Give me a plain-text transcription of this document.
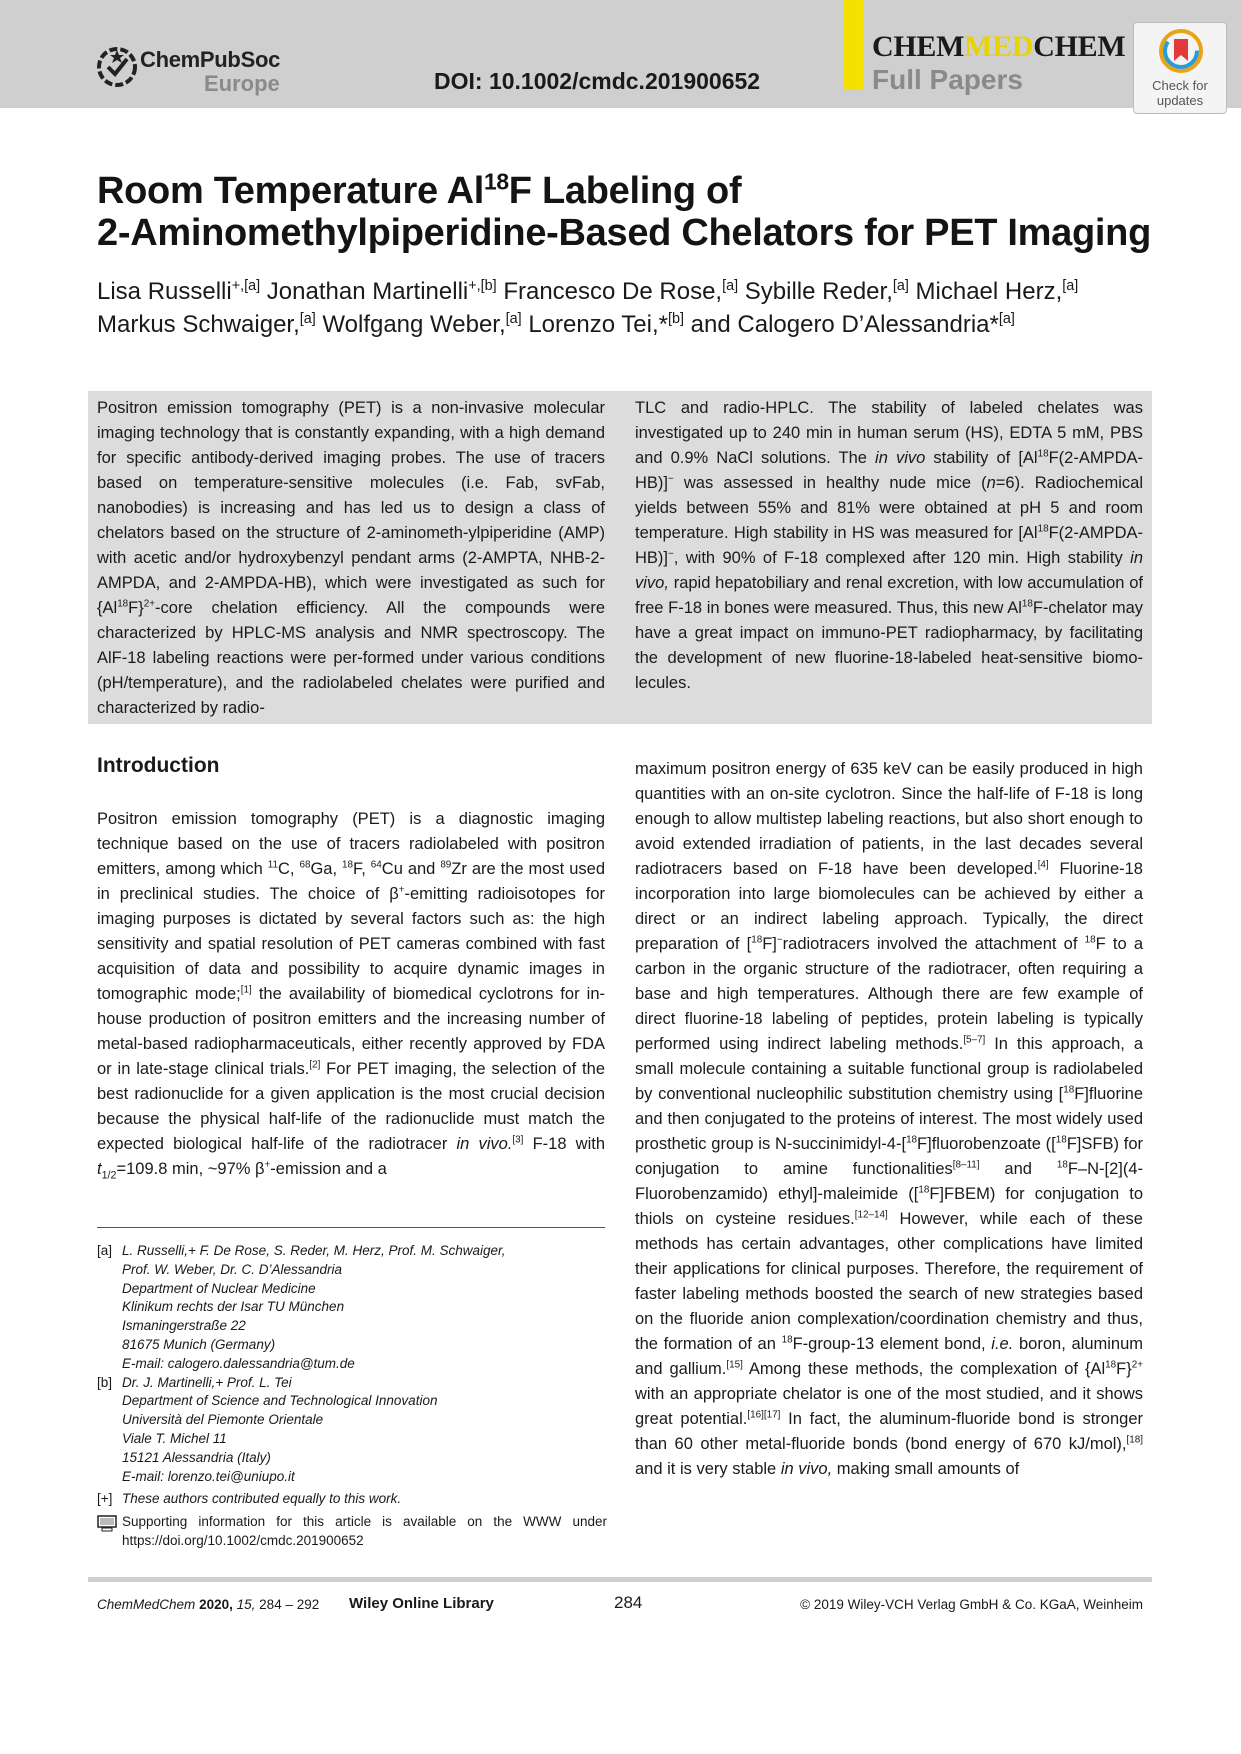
ChemPubSoc
Europe	DOI: 10.1002/cmdc.201900652
CHEMMEDCHEM
Full Papers	Check for
updates
Room Temperature Al$^{18}$F Labeling of
2-Aminomethylpiperidine-Based Chelators for PET Imaging

Lisa Russelli$^{+,[a]}$ Jonathan Martinelli$^{+,[b]}$ Francesco De Rose,[a] Sybille Reder,[a] Michael Herz,[a]
Markus Schwaiger,[a] Wolfgang Weber,[a] Lorenzo Tei,*[b] and Calogero D’Alessandria*[a]

Positron emission tomography (PET) is a non-invasive molecular imaging technology that is constantly expanding, with a high demand for specific antibody-derived imaging probes. The use of tracers based on temperature-sensitive molecules (i.e. Fab, svFab, nanobodies) is increasing and has led us to design a class of chelators based on the structure of 2-aminometh-ylpiperidine (AMP) with acetic and/or hydroxybenzyl pendant arms (2-AMPTA, NHB-2-AMPDA, and 2-AMPDA-HB), which were investigated as such for $\{Al^{18}F\}^{2+}$-core chelation efficiency. All the compounds were characterized by HPLC-MS analysis and NMR spectroscopy. The AlF-18 labeling reactions were per-formed under various conditions (pH/temperature), and the radiolabeled chelates were purified and characterized by radio-

TLC and radio-HPLC. The stability of labeled chelates was investigated up to 240 min in human serum (HS), EDTA 5 mM, PBS and 0.9% NaCl solutions. The in vivo stability of [Al$^{18}$F(2-AMPDA-HB)]− was assessed in healthy nude mice (n=6). Radiochemical yields between 55% and 81% were obtained at pH 5 and room temperature. High stability in HS was measured for [Al$^{18}$F(2-AMPDA-HB)]−, with 90% of F-18 complexed after 120 min. High stability in vivo, rapid hepatobiliary and renal excretion, with low accumulation of free F-18 in bones were measured. Thus, this new Al$^{18}$F-chelator may have a great impact on immuno-PET radiopharmacy, by facilitating the development of new fluorine-18-labeled heat-sensitive biomo-lecules.

Introduction

Positron emission tomography (PET) is a diagnostic imaging technique based on the use of tracers radiolabeled with positron emitters, among which $^{11}$C, $^{68}$Ga, $^{18}$F, $^{64}$Cu and $^{89}$Zr are the most used in preclinical studies. The choice of β+-emitting radioisotopes for imaging purposes is dictated by several factors such as: the high sensitivity and spatial resolution of PET cameras combined with fast acquisition of data and possibility to acquire dynamic images in tomographic mode;[1] the availability of biomedical cyclotrons for in-house production of positron emitters and the increasing number of metal-based radiopharmaceuticals, either recently approved by FDA or in late-stage clinical trials.[2] For PET imaging, the selection of the best radionuclide for a given application is the most crucial decision because the physical half-life of the radionuclide must match the expected biological half-life of the radiotracer in vivo.[3] F-18 with $t_{1/2}=109.8$ min, ~97% β+-emission and a

maximum positron energy of 635 keV can be easily produced in high quantities with an on-site cyclotron. Since the half-life of F-18 is long enough to allow multistep labeling reactions, but also short enough to avoid extended irradiation of patients, in the last decades several radiotracers based on F-18 have been developed.[4] Fluorine-18 incorporation into large biomolecules can be achieved by either a direct or an indirect labeling approach. Typically, the direct preparation of [$^{18}$F]−radiotracers involved the attachment of $^{18}$F to a carbon in the organic structure of the radiotracer, often requiring a base and high temperatures. Although there are few example of direct fluorine-18 labeling of peptides, protein labeling is typically performed using indirect labeling methods.[5–7] In this approach, a small molecule containing a suitable functional group is radiolabeled by conventional nucleophilic substitution chemistry using [$^{18}$F]fluorine and then conjugated to the proteins of interest. The most widely used prosthetic group is N-succinimidyl-4-[$^{18}$F]fluorobenzoate ([$^{18}$F]SFB) for conjugation to amine functionalities[8–11] and $^{18}$F–N-[2](4-Fluorobenzamido) ethyl]-maleimide ([$^{18}$F]FBEM) for conjugation to thiols on cysteine residues.[12–14] However, while each of these methods has certain advantages, other complications have limited their applications for clinical purposes. Therefore, the requirement of faster labeling methods boosted the search of new strategies based on the fluoride anion complexation/coordination chemistry and thus, the formation of an $^{18}$F-group-13 element bond, i.e. boron, aluminum and gallium.[15] Among these methods, the complexation of $\{Al^{18}F\}^{2+}$ with an appropriate chelator is one of the most studied, and it shows great potential.[16][17] In fact, the aluminum-fluoride bond is stronger than 60 other metal-fluoride bonds (bond energy of 670 kJ/mol),[18] and it is very stable in vivo, making small amounts of

[a] L. Russelli,+ F. De Rose, S. Reder, M. Herz, Prof. M. Schwaiger,
Prof. W. Weber, Dr. C. D’Alessandria
Department of Nuclear Medicine
Klinikum rechts der Isar TU München
Ismaningerstraße 22
81675 Munich (Germany)
E-mail: calogero.dalessandria@tum.de
[b] Dr. J. Martinelli,+ Prof. L. Tei
Department of Science and Technological Innovation
Università del Piemonte Orientale
Viale T. Michel 11
15121 Alessandria (Italy)
E-mail: lorenzo.tei@uniupo.it
[+] These authors contributed equally to this work.
Supporting information for this article is available on the WWW under https://doi.org/10.1002/cmdc.201900652
ChemMedChem 2020, 15, 284 – 292 Wiley Online Library	284	© 2019 Wiley-VCH Verlag GmbH & Co. KGaA, Weinheim
